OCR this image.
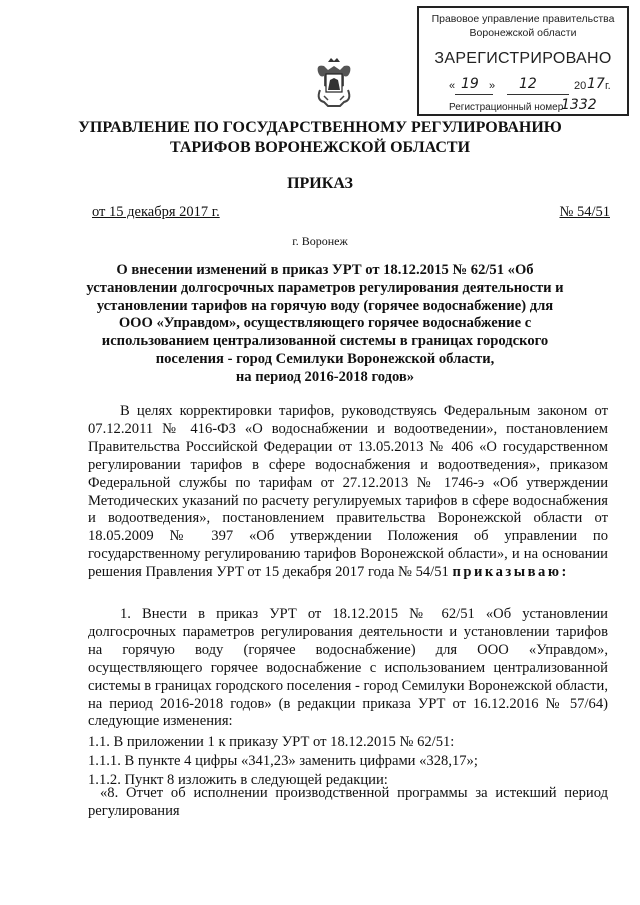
Правовое управление правительства
Воронежской области
ЗАРЕГИСТРИРОВАНО
« 19 » 12	20 17 г.
Регистрационный номер
1332
УПРАВЛЕНИЕ ПО ГОСУДАРСТВЕННОМУ РЕГУЛИРОВАНИЮ
ТАРИФОВ ВОРОНЕЖСКОЙ ОБЛАСТИ
ПРИКАЗ
от 15 декабря 2017 г.	№ 54/51
г. Воронеж
О внесении изменений в приказ УРТ от 18.12.2015 № 62/51 «Об
установлении долгосрочных параметров регулирования деятельности и
установлении тарифов на горячую воду (горячее водоснабжение) для
ООО «Управдом», осуществляющего горячее водоснабжение с
использованием централизованной системы в границах городского
поселения - город Семилуки Воронежской области,
на период 2016-2018 годов»
В целях корректировки тарифов, руководствуясь Федеральным законом от 07.12.2011 № 416-ФЗ «О водоснабжении и водоотведении», постановлением Правительства Российской Федерации от 13.05.2013 № 406 «О государственном регулировании тарифов в сфере водоснабжения и водоотведения», приказом Федеральной службы по тарифам от 27.12.2013 № 1746-э «Об утверждении Методических указаний по расчету регулируемых тарифов в сфере водоснабжения и водоотведения», постановлением правительства Воронежской области от 18.05.2009 № 397 «Об утверждении Положения об управлении по государственному регулированию тарифов Воронежской области», и на основании решения Правления УРТ от 15 декабря 2017 года № 54/51 приказываю:
1. Внести в приказ УРТ от 18.12.2015 № 62/51 «Об установлении долгосрочных параметров регулирования деятельности и установлении тарифов на горячую воду (горячее водоснабжение) для ООО «Управдом», осуществляющего горячее водоснабжение с использованием централизованной системы в границах городского поселения - город Семилуки Воронежской области, на период 2016-2018 годов» (в редакции приказа УРТ от 16.12.2016 № 57/64) следующие изменения:
1.1. В приложении 1 к приказу УРТ от 18.12.2015 № 62/51:
1.1.1. В пункте 4 цифры «341,23» заменить цифрами «328,17»;
1.1.2. Пункт 8 изложить в следующей редакции:
«8. Отчет об исполнении производственной программы за истекший период регулирования
